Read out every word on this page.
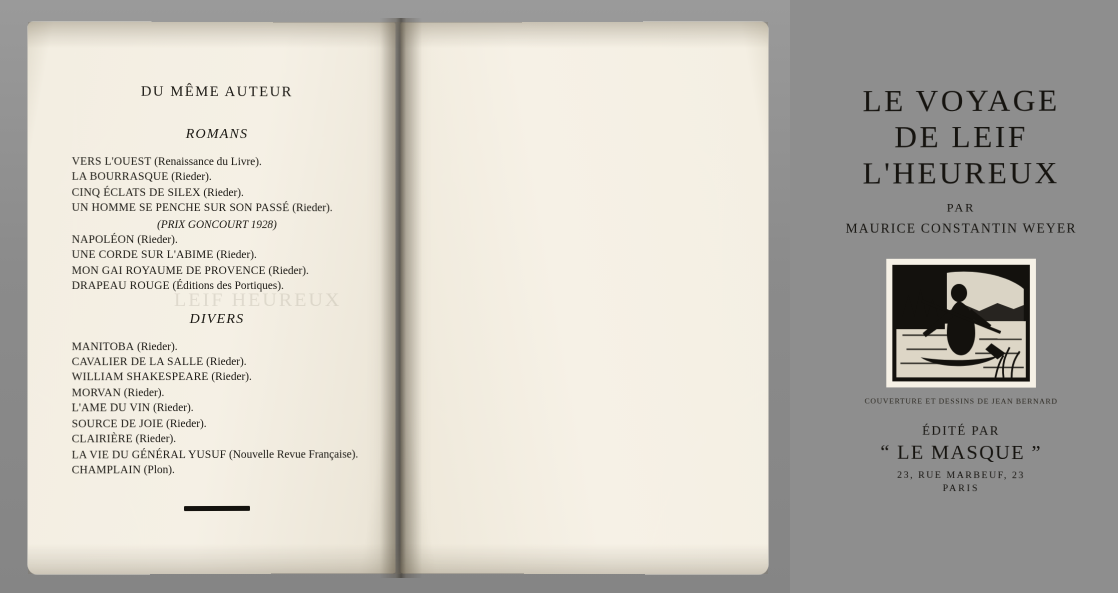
LEIF HEUREUX
DU MÊME AUTEUR
ROMANS
VERS L'OUEST (Renaissance du Livre).
LA BOURRASQUE (Rieder).
CINQ ÉCLATS DE SILEX (Rieder).
UN HOMME SE PENCHE SUR SON PASSÉ (Rieder).
(PRIX GONCOURT 1928)
NAPOLÉON (Rieder).
UNE CORDE SUR L'ABIME (Rieder).
MON GAI ROYAUME DE PROVENCE (Rieder).
DRAPEAU ROUGE (Éditions des Portiques).
DIVERS
MANITOBA (Rieder).
CAVALIER DE LA SALLE (Rieder).
WILLIAM SHAKESPEARE (Rieder).
MORVAN (Rieder).
L'AME DU VIN (Rieder).
SOURCE DE JOIE (Rieder).
CLAIRIÈRE (Rieder).
LA VIE DU GÉNÉRAL YUSUF (Nouvelle Revue Française).
CHAMPLAIN (Plon).

LE VOYAGE
DE LEIF
L'HEUREUX
PAR
MAURICE CONSTANTIN WEYER
COUVERTURE ET DESSINS DE JEAN BERNARD
ÉDITÉ PAR
“ LE MASQUE ”
23, RUE MARBEUF, 23
PARIS
